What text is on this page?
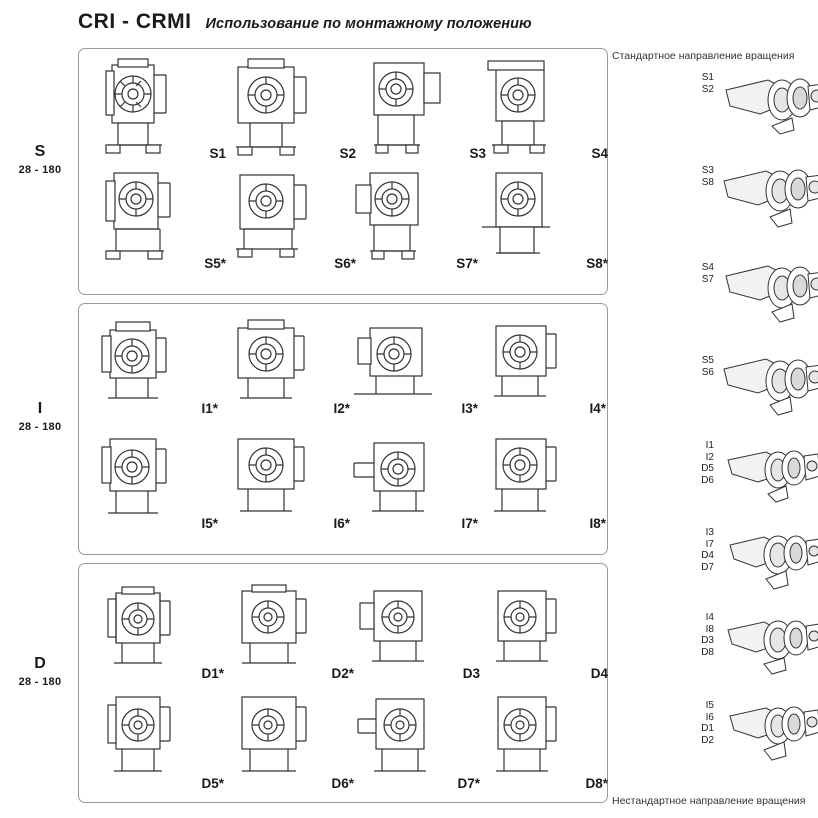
CRI - CRMI Использование по монтажному положению
S
28 - 180
S1	S2	S3	S4
S5*	S6*	S7*	S8*
I
28 - 180
I1*	I2*	I3*	I4*
I5*	I6*	I7*	I8*
D
28 - 180
D1*	D2*	D3	D4
D5*	D6*	D7*	D8*
Стандартное направление вращения
S1
S2
S3
S8
S4
S7
S5
S6
I1
I2
D5
D6
I3
I7
D4
D7
I4
I8
D3
D8
I5
I6
D1
D2
Нестандартное направление вращения
